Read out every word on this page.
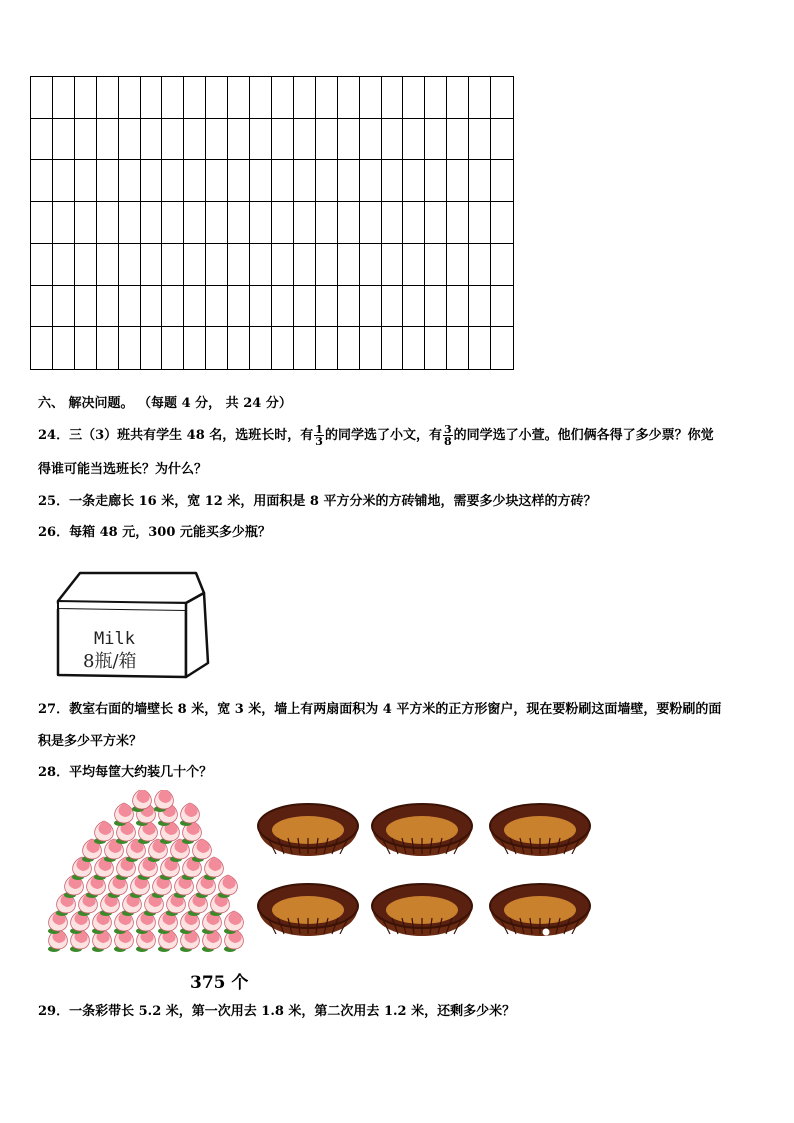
六、 解决问题。 （每题 4 分， 共 24 分）
24．三（3）班共有学生 48 名，选班长时，有 $\frac{1}{3}$ 的同学选了小文，有 $\frac{3}{8}$ 的同学选了小萱。他们俩各得了多少票？你觉
得谁可能当选班长？为什么？
25．一条走廊长 16 米，宽 12 米，用面积是 8 平方分米的方砖铺地，需要多少块这样的方砖？
26．每箱 48 元，300 元能买多少瓶？
Milk
8瓶/箱
27．教室右面的墙壁长 8 米，宽 3 米，墙上有两扇面积为 4 平方米的正方形窗户，现在要粉刷这面墙壁，要粉刷的面
积是多少平方米？
28．平均每筐大约装几十个？
375 个
29．一条彩带长 5.2 米，第一次用去 1.8 米，第二次用去 1.2 米，还剩多少米？
